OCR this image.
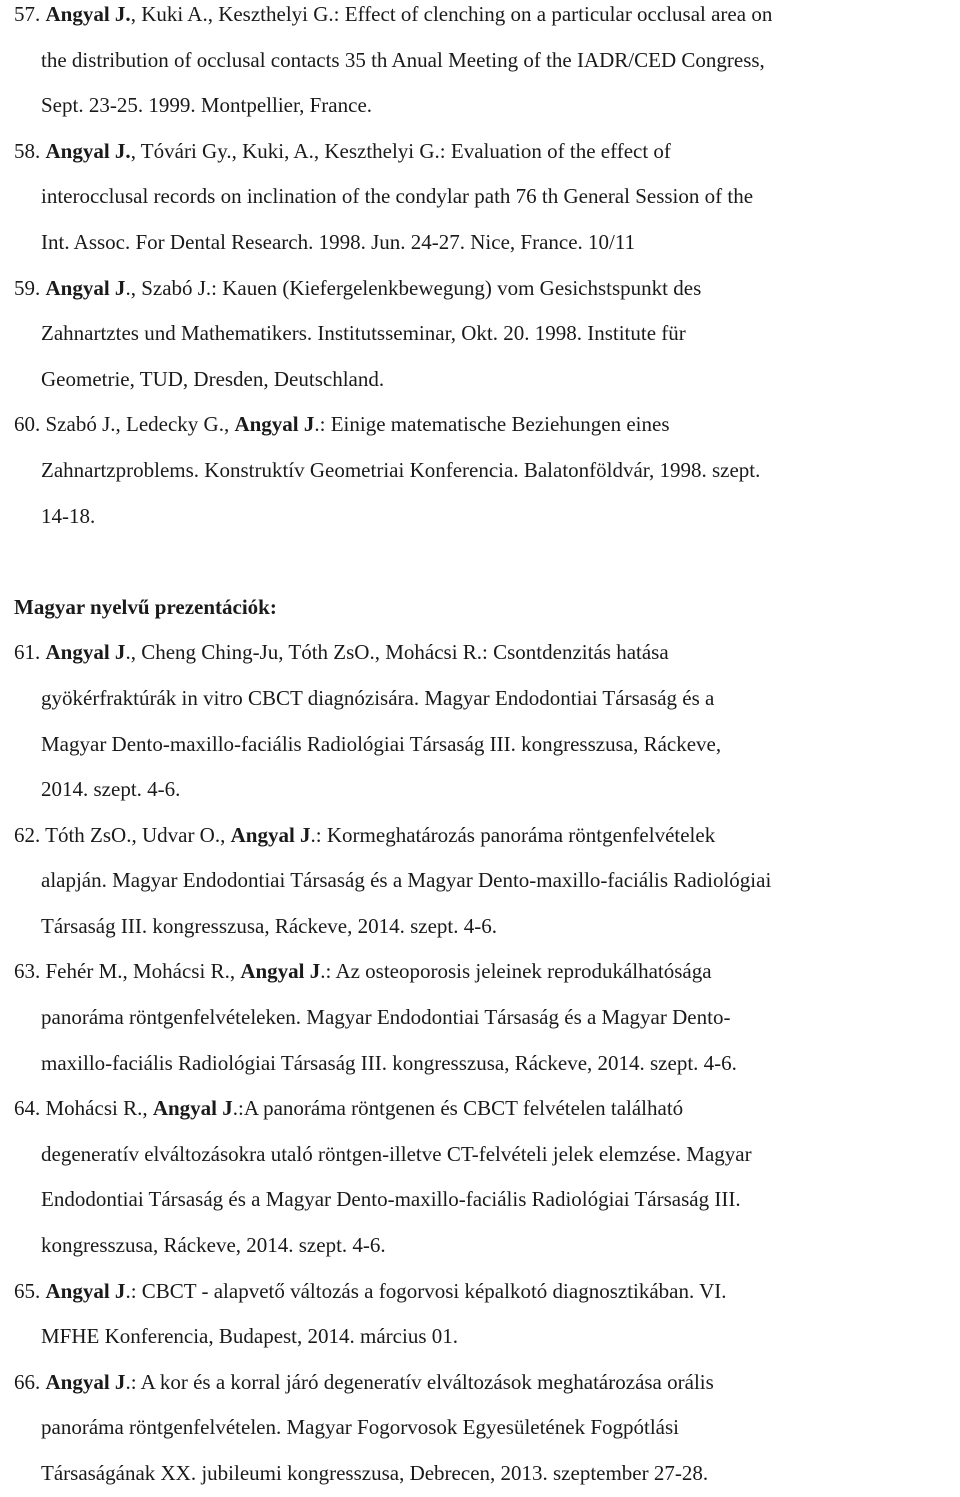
57. Angyal J., Kuki A., Keszthelyi G.: Effect of clenching on a particular occlusal area on
the distribution of occlusal contacts 35 th Anual Meeting of the IADR/CED Congress,
Sept. 23-25. 1999. Montpellier, France.
58. Angyal J., Tóvári Gy., Kuki, A., Keszthelyi G.: Evaluation of the effect of
interocclusal records on inclination of the condylar path 76 th General Session of the
Int. Assoc. For Dental Research. 1998. Jun. 24-27. Nice, France. 10/11
59. Angyal J., Szabó J.: Kauen (Kiefergelenkbewegung) vom Gesichstspunkt des
Zahnartztes und Mathematikers. Institutsseminar, Okt. 20. 1998. Institute für
Geometrie, TUD, Dresden, Deutschland.
60. Szabó J., Ledecky G., Angyal J.: Einige matematische Beziehungen eines
Zahnartzproblems. Konstruktív Geometriai Konferencia. Balatonföldvár, 1998. szept.
14-18.
Magyar nyelvű prezentációk:
61. Angyal J., Cheng Ching-Ju, Tóth ZsO., Mohácsi R.: Csontdenzitás hatása
gyökérfraktúrák in vitro CBCT diagnózisára. Magyar Endodontiai Társaság és a
Magyar Dento-maxillo-faciális Radiológiai Társaság III. kongresszusa, Ráckeve,
2014. szept. 4-6.
62. Tóth ZsO., Udvar O., Angyal J.: Kormeghatározás panoráma röntgenfelvételek
alapján. Magyar Endodontiai Társaság és a Magyar Dento-maxillo-faciális Radiológiai
Társaság III. kongresszusa, Ráckeve, 2014. szept. 4-6.
63. Fehér M., Mohácsi R., Angyal J.: Az osteoporosis jeleinek reprodukálhatósága
panoráma röntgenfelvételeken. Magyar Endodontiai Társaság és a Magyar Dento-
maxillo-faciális Radiológiai Társaság III. kongresszusa, Ráckeve, 2014. szept. 4-6.
64. Mohácsi R., Angyal J.:A panoráma röntgenen és CBCT felvételen található
degeneratív elváltozásokra utaló röntgen-illetve CT-felvételi jelek elemzése. Magyar
Endodontiai Társaság és a Magyar Dento-maxillo-faciális Radiológiai Társaság III.
kongresszusa, Ráckeve, 2014. szept. 4-6.
65. Angyal J.: CBCT - alapvető változás a fogorvosi képalkotó diagnosztikában. VI.
MFHE Konferencia, Budapest, 2014. március 01.
66. Angyal J.: A kor és a korral járó degeneratív elváltozások meghatározása orális
panoráma röntgenfelvételen. Magyar Fogorvosok Egyesületének Fogpótlási
Társaságának XX. jubileumi kongresszusa, Debrecen, 2013. szeptember 27-28.
